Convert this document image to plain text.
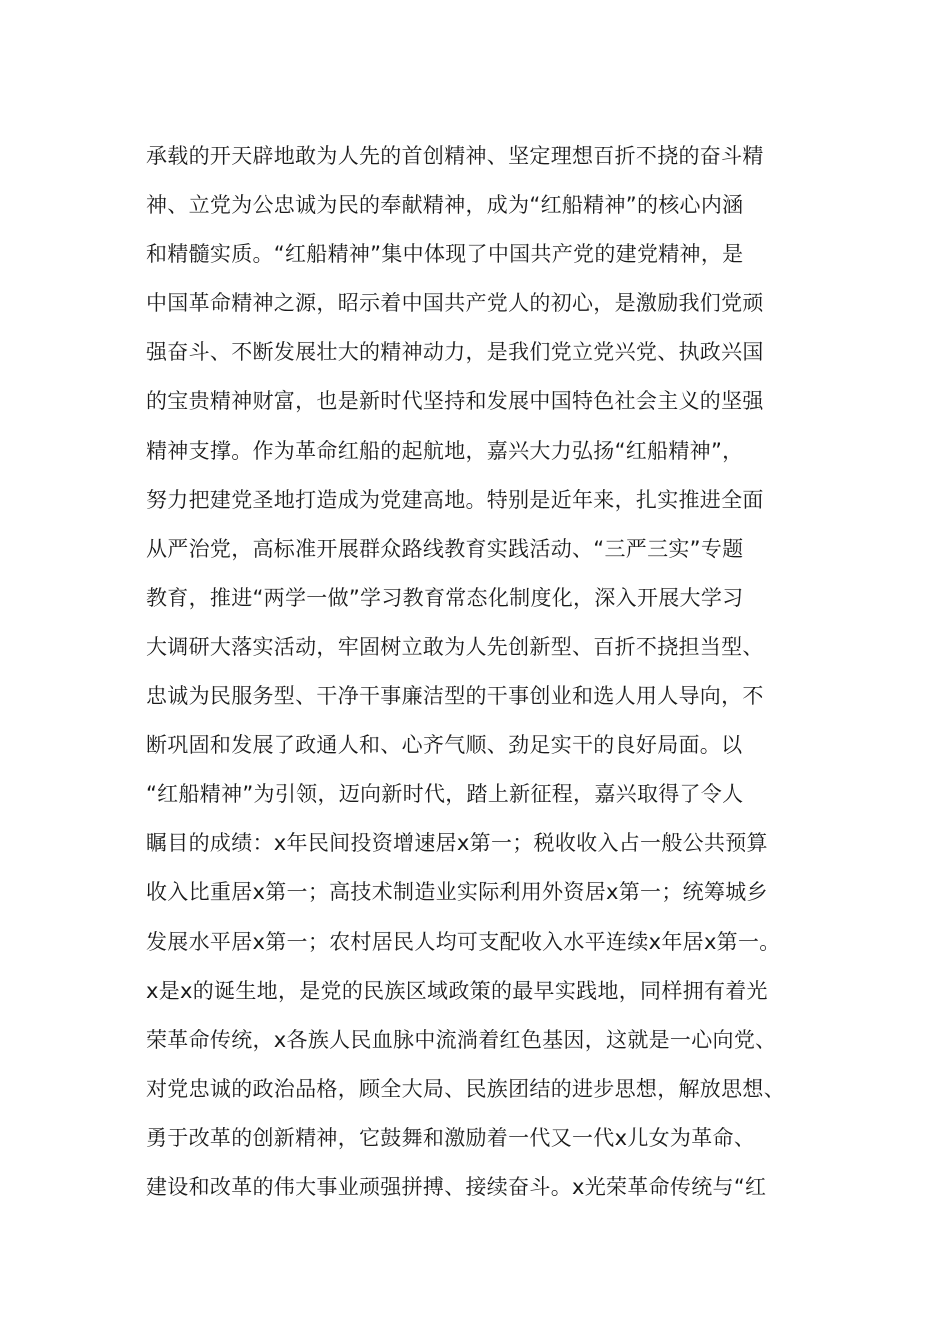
承载的开天辟地敢为人先的首创精神、坚定理想百折不挠的奋斗精
神、立党为公忠诚为民的奉献精神，成为“红船精神”的核心内涵
和精髓实质。“红船精神”集中体现了中国共产党的建党精神，是
中国革命精神之源，昭示着中国共产党人的初心，是激励我们党顽
强奋斗、不断发展壮大的精神动力，是我们党立党兴党、执政兴国
的宝贵精神财富，也是新时代坚持和发展中国特色社会主义的坚强
精神支撑。作为革命红船的起航地，嘉兴大力弘扬“红船精神”，
努力把建党圣地打造成为党建高地。特别是近年来，扎实推进全面
从严治党，高标准开展群众路线教育实践活动、“三严三实”专题
教育，推进“两学一做”学习教育常态化制度化，深入开展大学习
大调研大落实活动，牢固树立敢为人先创新型、百折不挠担当型、
忠诚为民服务型、干净干事廉洁型的干事创业和选人用人导向，不
断巩固和发展了政通人和、心齐气顺、劲足实干的良好局面。以
“红船精神”为引领，迈向新时代，踏上新征程，嘉兴取得了令人
瞩目的成绩：x年民间投资增速居x第一；税收收入占一般公共预算
收入比重居x第一；高技术制造业实际利用外资居x第一；统筹城乡
发展水平居x第一；农村居民人均可支配收入水平连续x年居x第一。
x是x的诞生地，是党的民族区域政策的最早实践地，同样拥有着光
荣革命传统，x各族人民血脉中流淌着红色基因，这就是一心向党、
对党忠诚的政治品格，顾全大局、民族团结的进步思想，解放思想、
勇于改革的创新精神，它鼓舞和激励着一代又一代x儿女为革命、
建设和改革的伟大事业顽强拼搏、接续奋斗。x光荣革命传统与“红
